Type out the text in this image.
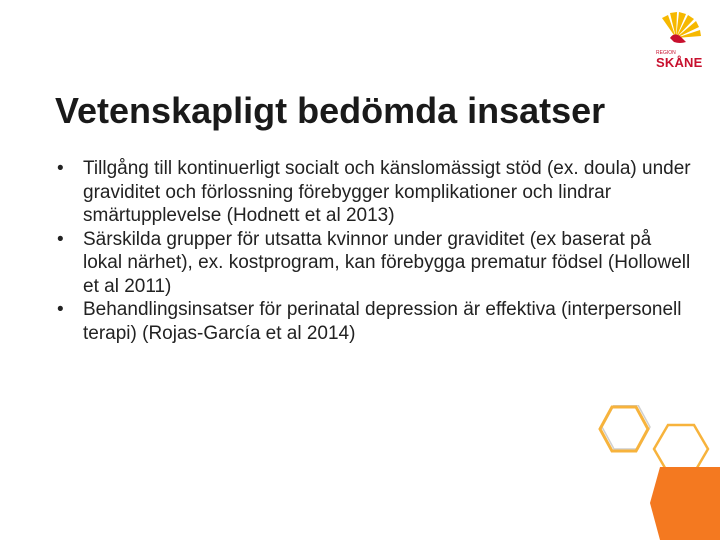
REGION
SKÅNE
Vetenskapligt bedömda insatser
• Tillgång till kontinuerligt socialt och känslomässigt stöd (ex. doula) under graviditet och förlossning förebygger komplikationer och lindrar smärtupplevelse (Hodnett et al 2013)
• Särskilda grupper för utsatta kvinnor under graviditet (ex baserat på lokal närhet), ex. kostprogram, kan förebygga prematur födsel (Hollowell et al 2011)
• Behandlingsinsatser för perinatal depression är effektiva (interpersonell terapi) (Rojas-García et al 2014)
